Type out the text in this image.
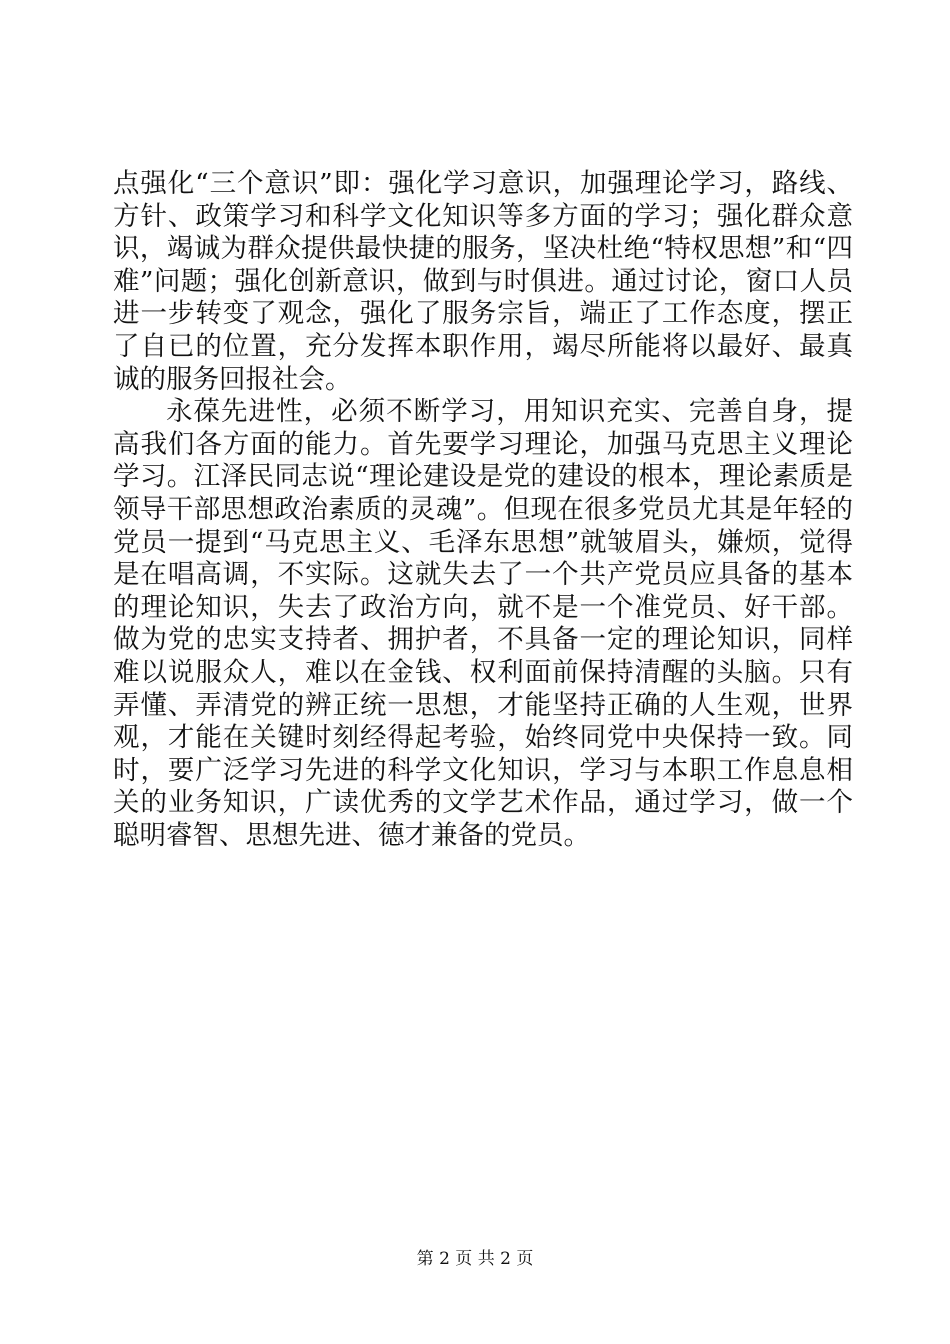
点强化“三个意识”即：强化学习意识，加强理论学习，路线、方针、政策学习和科学文化知识等多方面的学习；强化群众意识，竭诚为群众提供最快捷的服务，坚决杜绝“特权思想”和“四难”问题；强化创新意识，做到与时俱进。通过讨论，窗口人员进一步转变了观念，强化了服务宗旨，端正了工作态度，摆正了自已的位置，充分发挥本职作用，竭尽所能将以最好、最真诚的服务回报社会。

永葆先进性，必须不断学习，用知识充实、完善自身，提高我们各方面的能力。首先要学习理论，加强马克思主义理论学习。江泽民同志说“理论建设是党的建设的根本，理论素质是领导干部思想政治素质的灵魂”。但现在很多党员尤其是年轻的党员一提到“马克思主义、毛泽东思想”就皱眉头，嫌烦，觉得是在唱高调，不实际。这就失去了一个共产党员应具备的基本的理论知识，失去了政治方向，就不是一个准党员、好干部。做为党的忠实支持者、拥护者，不具备一定的理论知识，同样难以说服众人，难以在金钱、权利面前保持清醒的头脑。只有弄懂、弄清党的辨正统一思想，才能坚持正确的人生观，世界观，才能在关键时刻经得起考验，始终同党中央保持一致。同时，要广泛学习先进的科学文化知识，学习与本职工作息息相关的业务知识，广读优秀的文学艺术作品，通过学习，做一个聪明睿智、思想先进、德才兼备的党员。

第 2 页 共 2 页
